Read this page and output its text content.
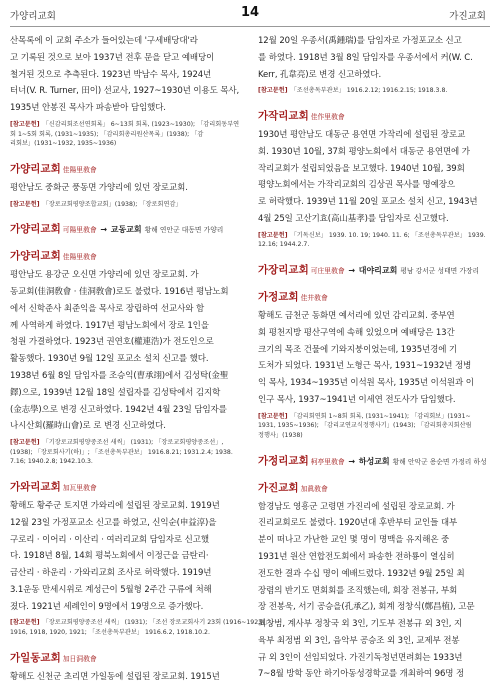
가양리교회	14	가진교회
산목록에 이 교회 주소가 들어있는데 '구세배당대'라
고 기록된 것으로 보아 1937년 전후 문을 닫고 예배당이
철거된 것으로 추측된다. 1923년 박남수 목사, 1924년
터너(V. R. Turner, 田이) 선교사, 1927~1930년 이용도 목사,
1935년 안봉진 목사가 파송받아 담임했다.
[참고문헌] 「신감리회조선연회록」 6~13회 회록, (1923~1930); 「감리회동부연
회 1~5회 회록, (1931~1935); 「감리회총리원산목록」(1938); 「감
리회보」(1931~1932, 1935~1936)
가양리교회 佳陽里敎會
평안남도 중화군 풍동면 가양리에 있던 장로교회.
[참고문헌] 「장로교회평양조합교회」(1938); 「장로회연감」
가양리교회 可陽里敎會 → 교동교회 황해 연안군 대동면 가양리
가양리교회 佳陽里敎會
평안남도 용강군 오신면 가양리에 있던 장로교회. 가
동교회(佳洞敎會 · 佳洞敎會)로도 불렸다. 1916년 평남노회
에서 신학준사 최준익을 목사로 장립하여 선교사와 함
께 사역하게 하였다. 1917년 평남노회에서 장로 1인을
청원 가결하였다. 1923년 권연호(權連浩)가 전도인으로
활동했다. 1930년 9월 12일 포교소 설치 신고를 했다.
1938년 6월 8일 담임자를 조승익(曺承翊)에서 김성탁(金聖
鐸)으로, 1939년 12월 18일 설립자를 김성탁에서 김지학
(金志學)으로 변경 신고하였다. 1942년 4월 23일 담임자를
나시산회(羅時山會)로 로 변경 신고하였다.
[참고문헌] 「기장로교회평양중조선 새씩」 (1931); 「장로교회평양중조선」,
(1938); 「장로회사기(하)」; 「조선총독부관보」 1916.8.21; 1931.2.4; 1938.
7.16; 1940.2.8; 1942.10.3.
가와리교회 加瓦里敎會
황해도 황주군 토지면 가와리에 설립된 장로교회. 1919년
12월 23일 가정포교소 신고를 하였고, 신익순(申益淳)을
구로리 · 이어리 · 이산리 · 여러리교회 담임자로 신고했
다. 1918년 8월, 14회 평북노회에서 이정근을 금탄리·
금산리 · 하운리 · 가와리교회 조사로 허락했다. 1919년
3.1운동 만세시위로 계성근이 5월형 2주간 구류에 처해
졌다. 1921년 세례인이 9명에서 19명으로 증가했다.
[참고문헌] 「장로교회평양중조선 새씩」 (1931); 「조선 장로교회사기 23회 (1916~1923)」,
1916, 1918, 1920, 1921; 「조선총독부관보」 1916.6.2, 1918.10.2.
가일동교회 加日洞敎會
황해도 신천군 초리면 가일동에 설립된 장로교회. 1915년
12월 20일 우종서(禹鍾瑞)를 담임자로 가정포교소 신고
를 하였다. 1918년 3월 8일 담임자를 우종서에서 커(W. C.
Kerr, 孔韋亮)로 변경 신고하였다.
[참고문헌] 「조선총독부관보」 1916.2.12; 1916.2.15; 1918.3.8.
가작리교회 佳作里敎會
1930년 평안남도 대동군 용연면 가작리에 설립된 장로교
회. 1930년 10월, 37회 평양노회에서 대동군 용연면에 가
작리교회가 설립되었음을 보고했다. 1940년 10월, 39회
평양노회에서는 가작리교회의 김상권 목사를 명예장으
로 허락했다. 1939년 11월 20일 포교소 설치 신고, 1943년
4월 25일 고산기효(高山基孝)를 담임자로 신고했다.
[참고문헌] 「기독신보」 1939. 10. 19; 1940. 11. 6; 「조선총독부관보」 1939.
12.16; 1944.2.7.
가장리교회 可庄里敎會 → 대야리교회 평남 강서군 성태면 가장리
가정교회 佳井敎會
황해도 금천군 동화면 예서리에 있던 감리교회. 중부연
회 평천지방 평산구역에 속해 있었으며 예배당은 13간
크기의 목조 건물에 기와지붕이었는데, 1935년경에 기
도처가 되었다. 1931년 노형근 목사, 1931~1932년 정병
익 목사, 1934~1935년 이석원 목사, 1935년 이석원과 이
인구 목사, 1937~1941년 이세연 전도사가 담임했다.
[참고문헌] 「감리회연회 1~8회 회록, (1931~1941); 「감리회보」(1931~
1931, 1935~1936); 「감리교연교식정행사기」(1943); 「감리회총지회산림
정행사」(1938)
가정리교회 柯亭里敎會 → 하성교회 황해 안악군 용순면 가정리 하성
가진교회 加眞敎會
함경남도 영흥군 고령면 가진리에 설립된 장로교회. 가
진리교회로도 불렸다. 1920년대 후반부터 교인들 대부
분이 떠나고 가난한 교인 몇 명이 명맥을 유지해온 중
1931년 원산 연합전도회에서 파송한 전하룡이 열심히
전도한 결과 수십 명이 예배드렸다. 1932년 9월 25일 최
장렴의 반기도 면회회를 조직했는데, 회장 전봉규, 부회
장 전봉욱, 서기 공승을(孔承乙), 회계 정창식(鄭昌植), 고문
최창범, 계사부 정창국 외 3인, 기도부 전봉규 외 3인, 지
육부 최정범 외 3인, 음악부 공승조 외 3인, 교제부 전봉
규 외 3인이 선임되었다. 가진기독청년면려회는 1933년
7~8월 방학 동안 하기아동성경학교를 개최하여 96명 정
